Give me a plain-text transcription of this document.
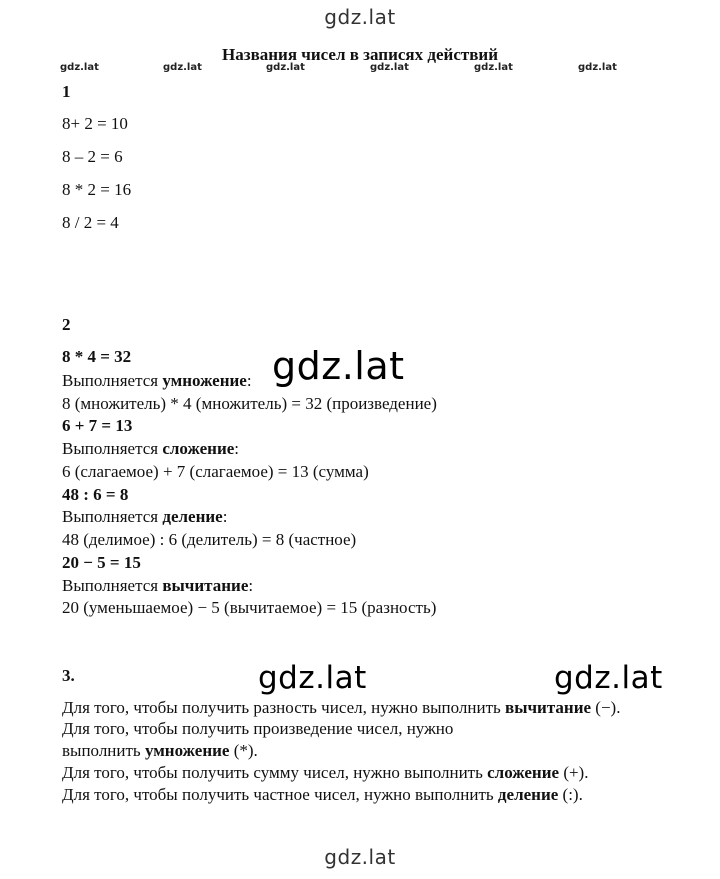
gdz.lat
Названия чисел в записях действий
gdz.lat	gdz.lat	gdz.lat	gdz.lat	gdz.lat	gdz.lat
1
8+ 2 = 10
8 – 2 = 6
8 * 2 = 16
8 / 2 = 4
2
8 * 4 = 32
Выполняется умножение:
8 (множитель) * 4 (множитель) = 32 (произведение)
6 + 7 = 13
Выполняется сложение:
6 (слагаемое) + 7 (слагаемое) = 13 (сумма)
48 : 6 = 8
Выполняется деление:
48 (делимое) : 6 (делитель) = 8 (частное)
20 − 5 = 15
Выполняется вычитание:
20 (уменьшаемое) − 5 (вычитаемое) = 15 (разность)
gdz.lat
3.	gdz.lat	gdz.lat
Для того, чтобы получить разность чисел, нужно выполнить вычитание (−).
Для того, чтобы получить произведение чисел, нужно
выполнить умножение (*).
Для того, чтобы получить сумму чисел, нужно выполнить сложение (+).
Для того, чтобы получить частное чисел, нужно выполнить деление (:).
gdz.lat
